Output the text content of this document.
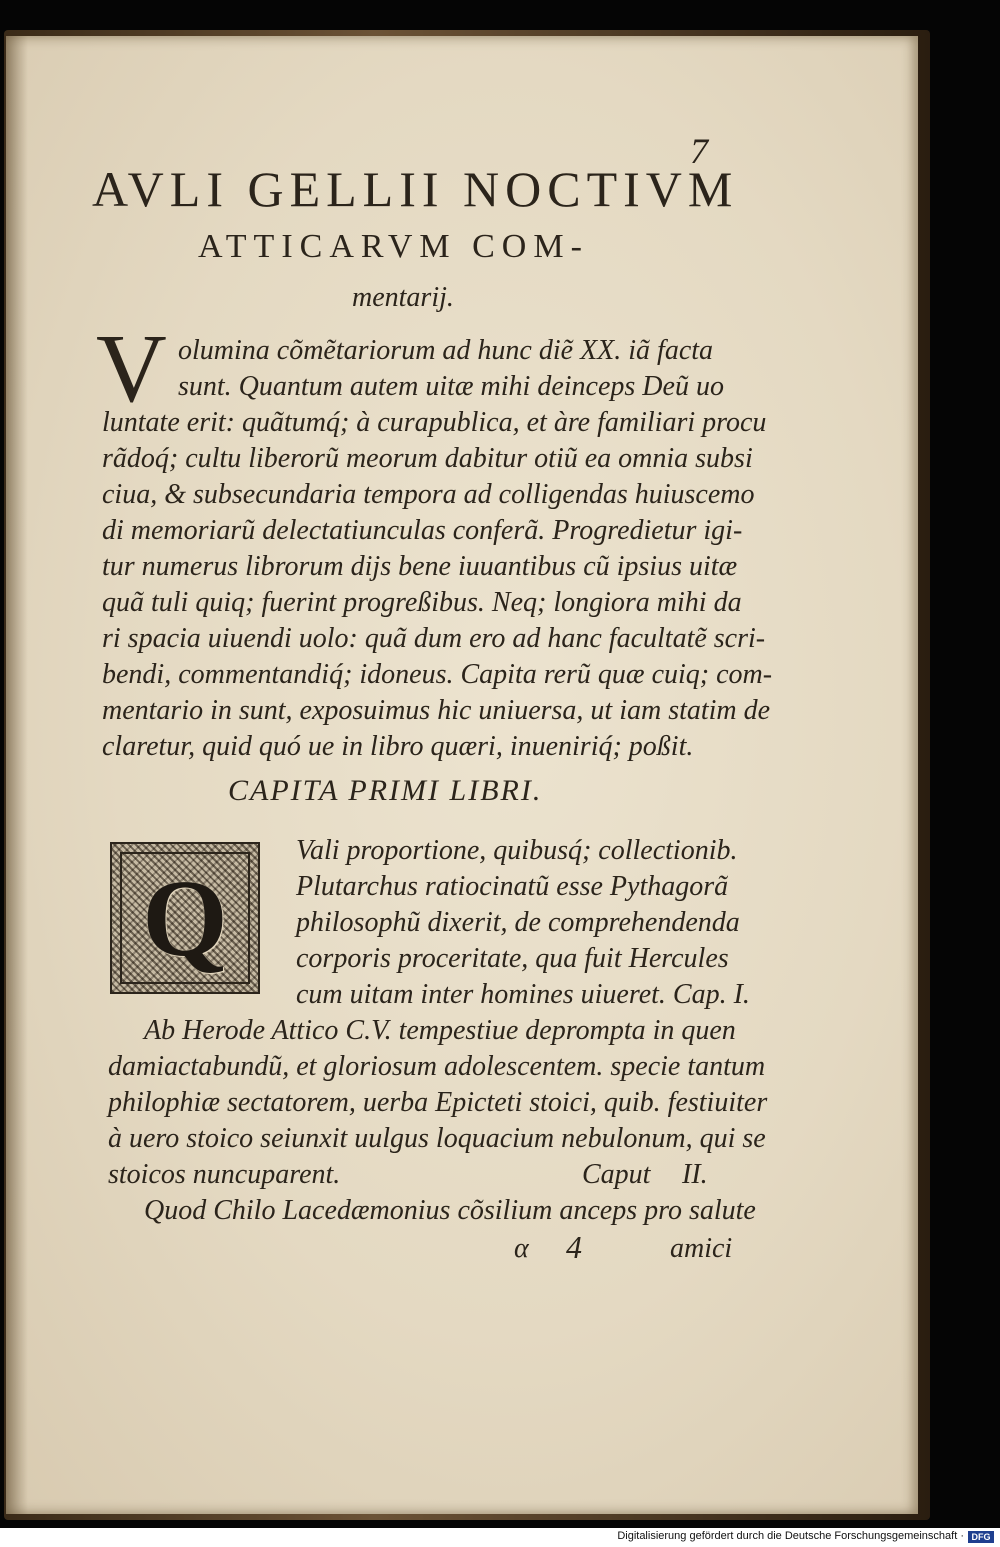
7
AVLI GELLII NOCTIVM
ATTICARVM COM-
mentarij.
V olumina cõmẽtariorum ad hunc diẽ XX. iã facta
sunt. Quantum autem uitæ mihi deinceps Deũ uo
luntate erit: quãtumq́; à curapublica, et àre familiari procu
rãdoq́; cultu liberorũ meorum dabitur otiũ ea omnia subsi
ciua, & subsecundaria tempora ad colligendas huiuscemo
di memoriarũ delectatiunculas conferã. Progredietur igi-
tur numerus librorum dijs bene iuuantibus cũ ipsius uitæ
quã tuli quiq; fuerint progreßibus. Neq; longiora mihi da
ri spacia uiuendi uolo: quã dum ero ad hanc facultatẽ scri-
bendi, commentandiq́; idoneus. Capita rerũ quæ cuiq; com-
mentario in sunt, exposuimus hic uniuersa, ut iam statim de
claretur, quid quó ue in libro quæri, inueniriq́; poßit.
CAPITA PRIMI LIBRI.
Q
Vali proportione, quibusq́; collectionib.
Plutarchus ratiocinatũ esse Pythagorã
philosophũ dixerit, de comprehendenda
corporis proceritate, qua fuit Hercules
cum uitam inter homines uiueret. Cap. I.
Ab Herode Attico C.V. tempestiue deprompta in quen
damiactabundũ, et gloriosum adolescentem. specie tantum
philophiæ sectatorem, uerba Epicteti stoici, quib. festiuiter
à uero stoico seiunxit uulgus loquacium nebulonum, qui se
stoicos nuncuparent.	Caput II.
Quod Chilo Lacedæmonius cõsilium anceps pro salute
α 4	amici
Digitalisierung gefördert durch die Deutsche Forschungsgemeinschaft · DFG
